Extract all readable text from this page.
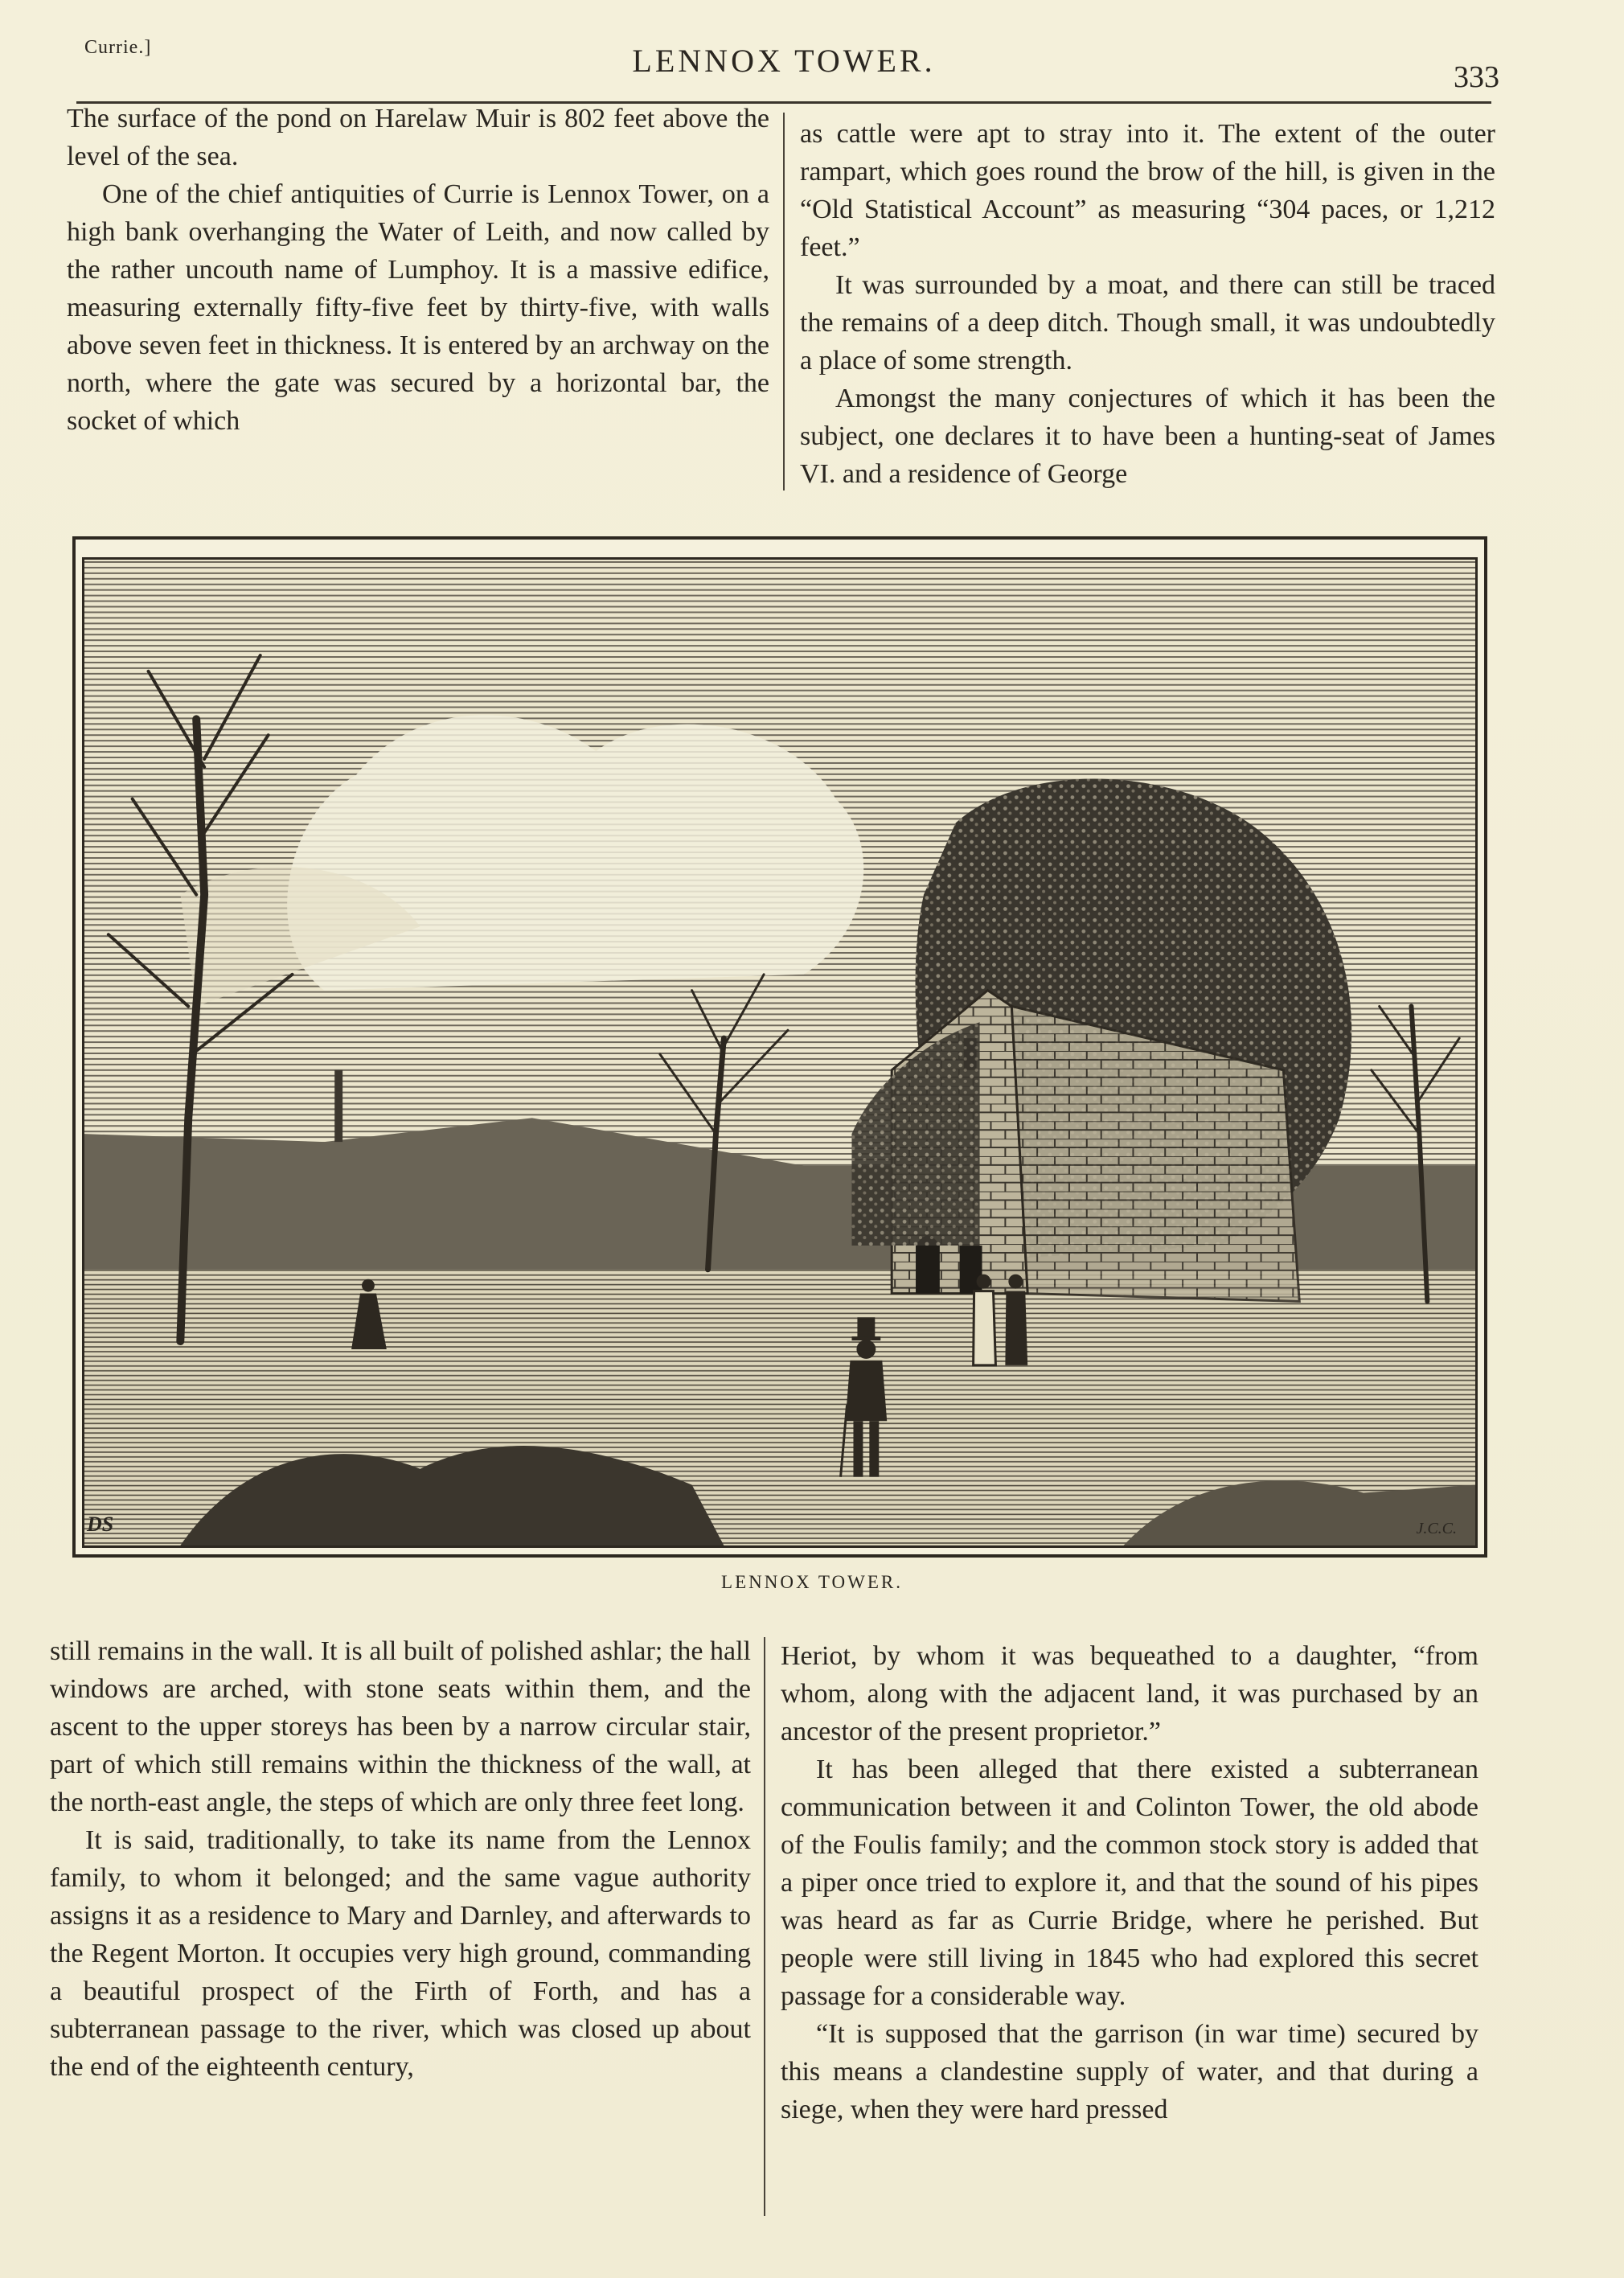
Currie.]	LENNOX TOWER.	333

The surface of the pond on Harelaw Muir is 802 feet above the level of the sea.

One of the chief antiquities of Currie is Lennox Tower, on a high bank overhanging the Water of Leith, and now called by the rather uncouth name of Lumphoy. It is a massive edifice, measuring externally fifty-five feet by thirty-five, with walls above seven feet in thickness. It is entered by an archway on the north, where the gate was secured by a horizontal bar, the socket of which

as cattle were apt to stray into it. The extent of the outer rampart, which goes round the brow of the hill, is given in the “Old Statistical Account” as measuring “304 paces, or 1,212 feet.”

It was surrounded by a moat, and there can still be traced the remains of a deep ditch. Though small, it was undoubtedly a place of some strength.

Amongst the many conjectures of which it has been the subject, one declares it to have been a hunting-seat of James VI. and a residence of George

DS	J.C.C.
LENNOX TOWER.

still remains in the wall. It is all built of polished ashlar; the hall windows are arched, with stone seats within them, and the ascent to the upper storeys has been by a narrow circular stair, part of which still remains within the thickness of the wall, at the north-east angle, the steps of which are only three feet long.

It is said, traditionally, to take its name from the Lennox family, to whom it belonged; and the same vague authority assigns it as a residence to Mary and Darnley, and afterwards to the Regent Morton. It occupies very high ground, commanding a beautiful prospect of the Firth of Forth, and has a subterranean passage to the river, which was closed up about the end of the eighteenth century,

Heriot, by whom it was bequeathed to a daughter, “from whom, along with the adjacent land, it was purchased by an ancestor of the present proprietor.”

It has been alleged that there existed a subterranean communication between it and Colinton Tower, the old abode of the Foulis family; and the common stock story is added that a piper once tried to explore it, and that the sound of his pipes was heard as far as Currie Bridge, where he perished. But people were still living in 1845 who had explored this secret passage for a considerable way.

“It is supposed that the garrison (in war time) secured by this means a clandestine supply of water, and that during a siege, when they were hard pressed
